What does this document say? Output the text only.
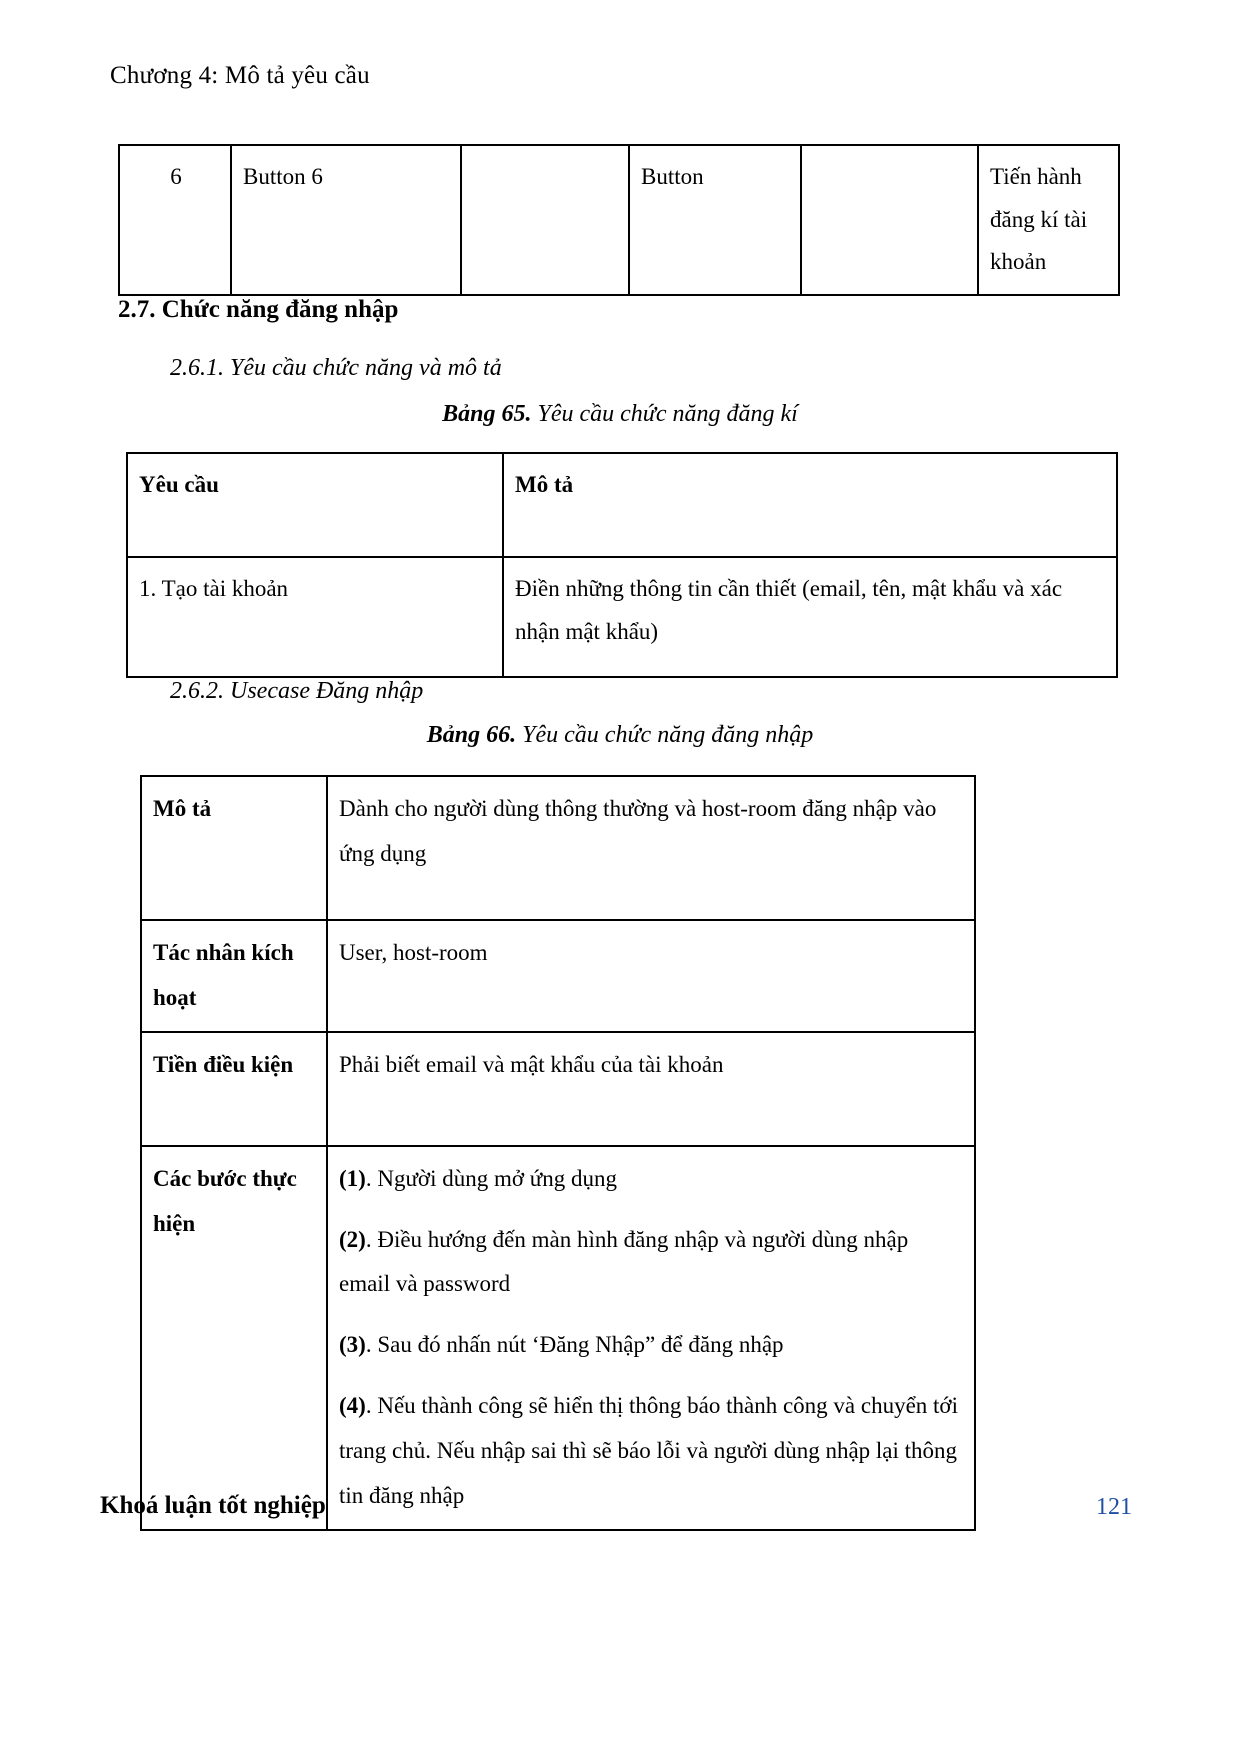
Chương 4: Mô tả yêu cầu
6	Button 6		Button		Tiến hành đăng kí tài khoản
2.7. Chức năng đăng nhập
2.6.1. Yêu cầu chức năng và mô tả
Bảng 65. Yêu cầu chức năng đăng kí
Yêu cầu	Mô tả
1. Tạo tài khoản	Điền những thông tin cần thiết (email, tên, mật khẩu và xác nhận mật khẩu)
2.6.2. Usecase Đăng nhập
Bảng 66. Yêu cầu chức năng đăng nhập
Mô tả	Dành cho người dùng thông thường và host-room đăng nhập vào ứng dụng
Tác nhân kích hoạt	User, host-room
Tiền điều kiện	Phải biết email và mật khẩu của tài khoản
Các bước thực hiện	(1). Người dùng mở ứng dụng

(2). Điều hướng đến màn hình đăng nhập và người dùng nhập email và password

(3). Sau đó nhấn nút ‘Đăng Nhập” để đăng nhập

(4). Nếu thành công sẽ hiển thị thông báo thành công và chuyển tới trang chủ. Nếu nhập sai thì sẽ báo lỗi và người dùng nhập lại thông tin đăng nhập

Khoá luận tốt nghiệp	121
